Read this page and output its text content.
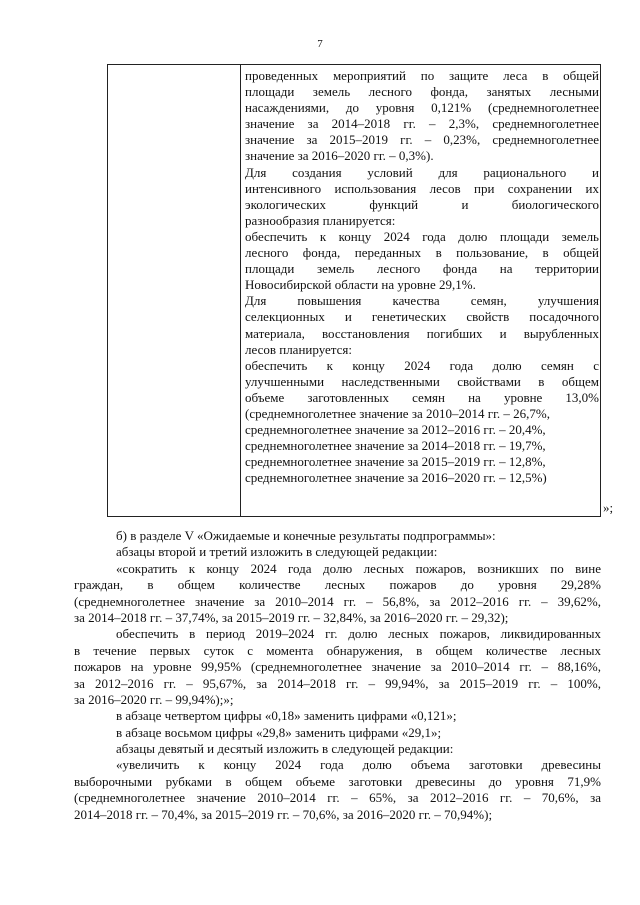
7
проведенных мероприятий по защите леса в общей
площади земель лесного фонда, занятых лесными
насаждениями, до уровня 0,121% (среднемноголетнее
значение за 2014–2018 гг. – 2,3%, среднемноголетнее
значение за 2015–2019 гг. – 0,23%, среднемноголетнее
значение за 2016–2020 гг. – 0,3%).
Для создания условий для рационального и
интенсивного использования лесов при сохранении их
экологических функций и биологического
разнообразия планируется:
обеспечить к концу 2024 года долю площади земель
лесного фонда, переданных в пользование, в общей
площади земель лесного фонда на территории
Новосибирской области на уровне 29,1%.
Для повышения качества семян, улучшения
селекционных и генетических свойств посадочного
материала, восстановления погибших и вырубленных
лесов планируется:
обеспечить к концу 2024 года долю семян с
улучшенными наследственными свойствами в общем
объеме заготовленных семян на уровне 13,0%
(среднемноголетнее значение за 2010–2014 гг. – 26,7%,
среднемноголетнее значение за 2012–2016 гг. – 20,4%,
среднемноголетнее значение за 2014–2018 гг. – 19,7%,
среднемноголетнее значение за 2015–2019 гг. – 12,8%,
среднемноголетнее значение за 2016–2020 гг. – 12,5%)
»;
б) в разделе V «Ожидаемые и конечные результаты подпрограммы»:
абзацы второй и третий изложить в следующей редакции:
«сократить к концу 2024 года долю лесных пожаров, возникших по вине
граждан, в общем количестве лесных пожаров до уровня 29,28%
(среднемноголетнее значение за 2010–2014 гг. – 56,8%, за 2012–2016 гг. – 39,62%,
за 2014–2018 гг. – 37,74%, за 2015–2019 гг. – 32,84%, за 2016–2020 гг. – 29,32);
обеспечить в период 2019–2024 гг. долю лесных пожаров, ликвидированных
в течение первых суток с момента обнаружения, в общем количестве лесных
пожаров на уровне 99,95% (среднемноголетнее значение за 2010–2014 гг. – 88,16%,
за 2012–2016 гг. – 95,67%, за 2014–2018 гг. – 99,94%, за 2015–2019 гг. – 100%,
за 2016–2020 гг. – 99,94%);»;
в абзаце четвертом цифры «0,18» заменить цифрами «0,121»;
в абзаце восьмом цифры «29,8» заменить цифрами «29,1»;
абзацы девятый и десятый изложить в следующей редакции:
«увеличить к концу 2024 года долю объема заготовки древесины
выборочными рубками в общем объеме заготовки древесины до уровня 71,9%
(среднемноголетнее значение 2010–2014 гг. – 65%, за 2012–2016 гг. – 70,6%, за
2014–2018 гг. – 70,4%, за 2015–2019 гг. – 70,6%, за 2016–2020 гг. – 70,94%);
